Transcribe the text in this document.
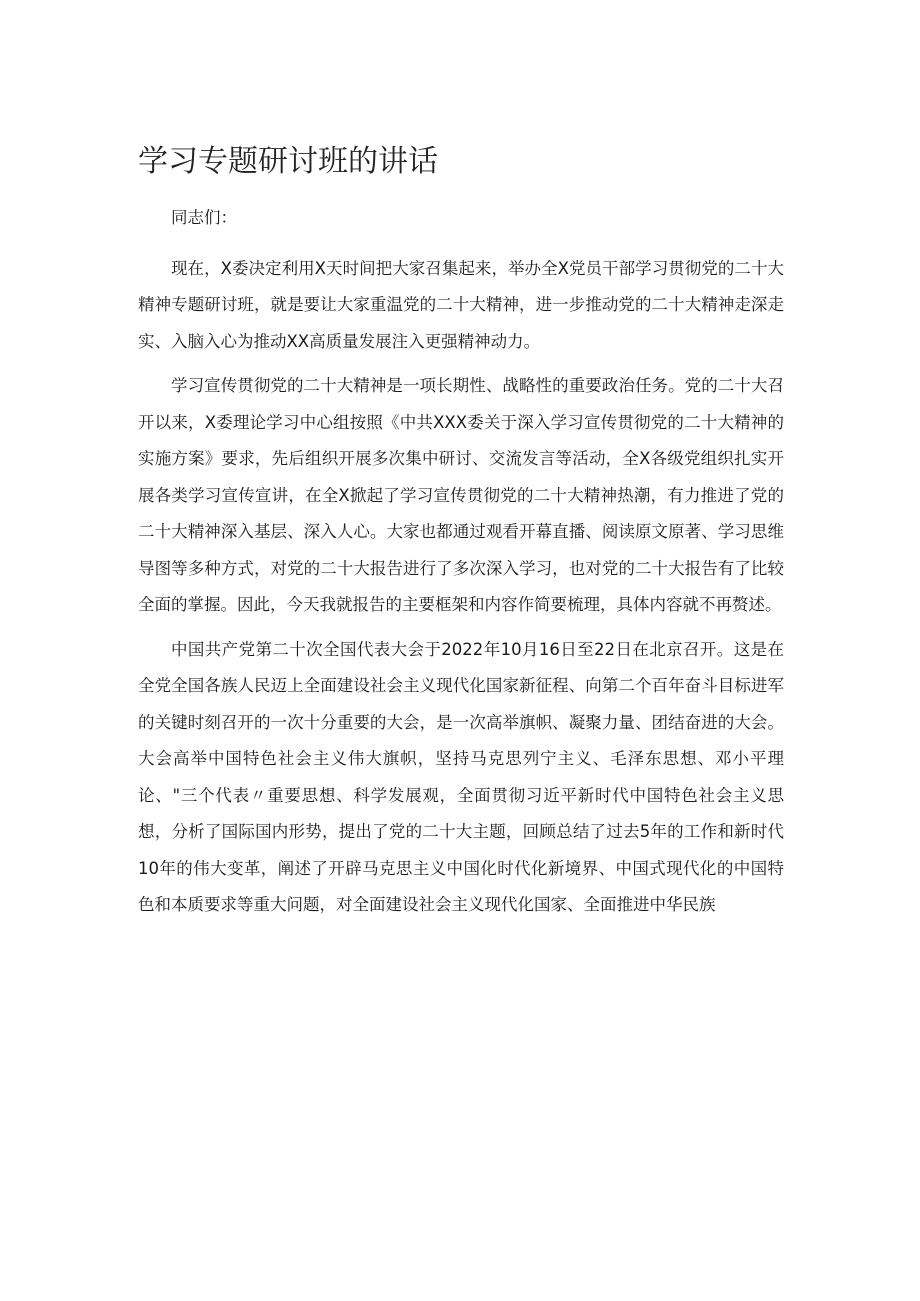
学习专题研讨班的讲话

同志们：

现在，X委决定利用X天时间把大家召集起来，举办全X党员干部学习贯彻党的二十大精神专题研讨班，就是要让大家重温党的二十大精神，进一步推动党的二十大精神走深走实、入脑入心为推动XX高质量发展注入更强精神动力。

学习宣传贯彻党的二十大精神是一项长期性、战略性的重要政治任务。党的二十大召开以来，X委理论学习中心组按照《中共XXX委关于深入学习宣传贯彻党的二十大精神的实施方案》要求，先后组织开展多次集中研讨、交流发言等活动，全X各级党组织扎实开展各类学习宣传宣讲，在全X掀起了学习宣传贯彻党的二十大精神热潮，有力推进了党的二十大精神深入基层、深入人心。大家也都通过观看开幕直播、阅读原文原著、学习思维导图等多种方式，对党的二十大报告进行了多次深入学习，也对党的二十大报告有了比较全面的掌握。因此，今天我就报告的主要框架和内容作简要梳理，具体内容就不再赘述。

中国共产党第二十次全国代表大会于2022年10月16日至22日在北京召开。这是在全党全国各族人民迈上全面建设社会主义现代化国家新征程、向第二个百年奋斗目标进军的关键时刻召开的一次十分重要的大会，是一次高举旗帜、凝聚力量、团结奋进的大会。大会高举中国特色社会主义伟大旗帜，坚持马克思列宁主义、毛泽东思想、邓小平理论、"三个代表〃重要思想、科学发展观，全面贯彻习近平新时代中国特色社会主义思想，分析了国际国内形势，提出了党的二十大主题，回顾总结了过去5年的工作和新时代10年的伟大变革，阐述了开辟马克思主义中国化时代化新境界、中国式现代化的中国特色和本质要求等重大问题，对全面建设社会主义现代化国家、全面推进中华民族
